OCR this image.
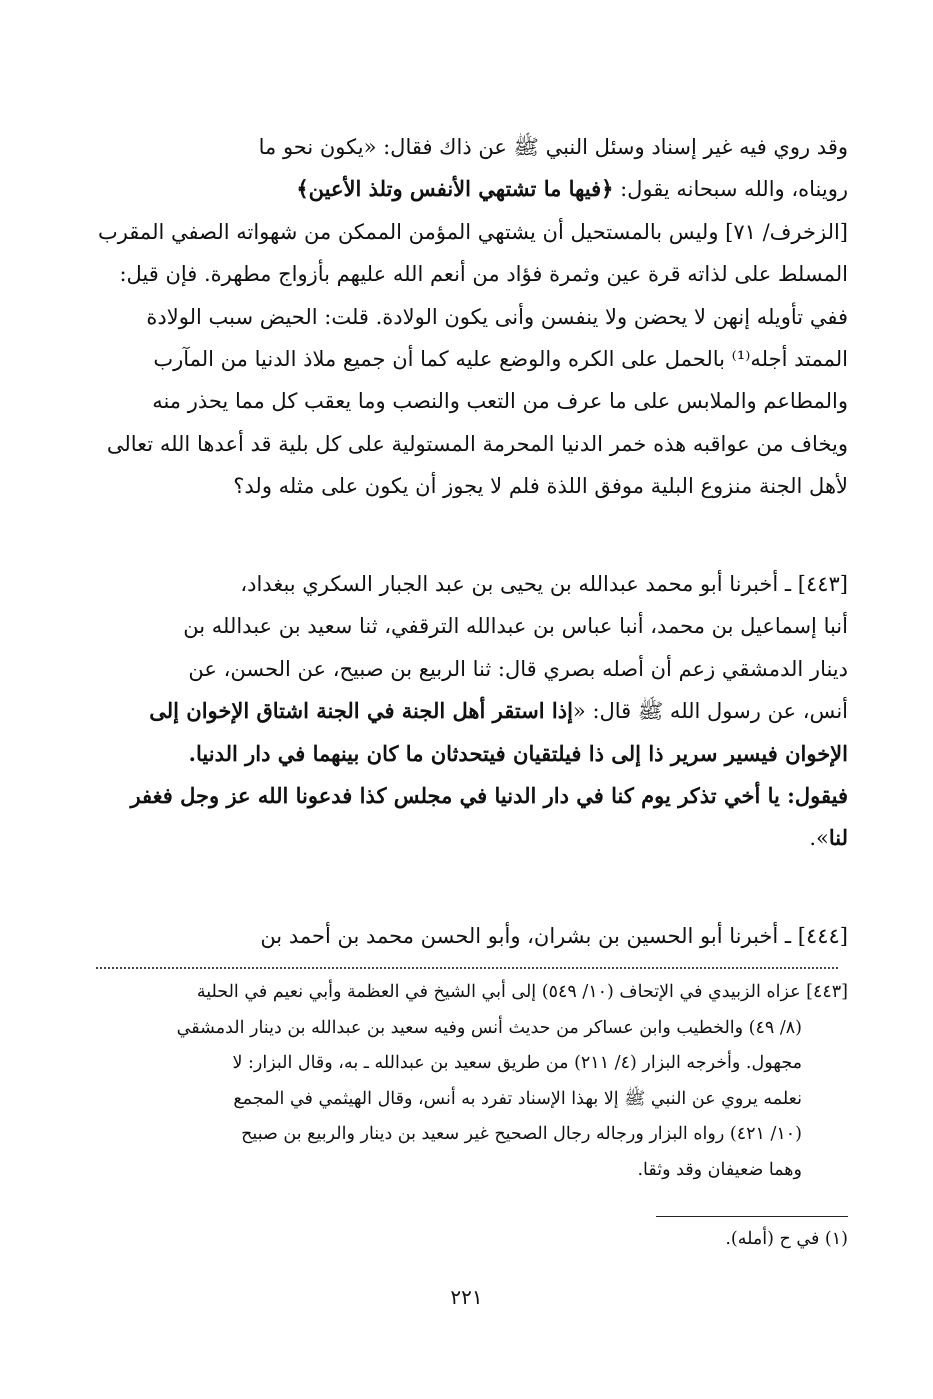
وقد روي فيه غير إسناد وسئل النبي ﷺ عن ذاك فقال: «يكون نحو ما

رويناه، والله سبحانه يقول: ﴿فيها ما تشتهي الأنفس وتلذ الأعين﴾

[الزخرف/ ٧١] وليس بالمستحيل أن يشتهي المؤمن الممكن من شهواته الصفي المقرب

المسلط على لذاته قرة عين وثمرة فؤاد من أنعم الله عليهم بأزواج مطهرة. فإن قيل:

ففي تأويله إنهن لا يحضن ولا ينفسن وأنى يكون الولادة. قلت: الحيض سبب الولادة

الممتد أجله⁽¹⁾ بالحمل على الكره والوضع عليه كما أن جميع ملاذ الدنيا من المآرب

والمطاعم والملابس على ما عرف من التعب والنصب وما يعقب كل مما يحذر منه

ويخاف من عواقبه هذه خمر الدنيا المحرمة المستولية على كل بلية قد أعدها الله تعالى

لأهل الجنة منزوع البلية موفق اللذة فلم لا يجوز أن يكون على مثله ولد؟

[٤٤٣] ـ أخبرنا أبو محمد عبدالله بن يحيى بن عبد الجبار السكري ببغداد،

أنبا إسماعيل بن محمد، أنبا عباس بن عبدالله الترقفي، ثنا سعيد بن عبدالله بن

دينار الدمشقي زعم أن أصله بصري قال: ثنا الربيع بن صبيح، عن الحسن، عن

أنس، عن رسول الله ﷺ قال: «إذا استقر أهل الجنة في الجنة اشتاق الإخوان إلى

الإخوان فيسير سرير ذا إلى ذا فيلتقيان فيتحدثان ما كان بينهما في دار الدنيا.

فيقول: يا أخي تذكر يوم كنا في دار الدنيا في مجلس كذا فدعونا الله عز وجل فغفر

لنا».

[٤٤٤] ـ أخبرنا أبو الحسين بن بشران، وأبو الحسن محمد بن أحمد بن

[٤٤٣] عزاه الزبيدي في الإتحاف (١٠/ ٥٤٩) إلى أبي الشيخ في العظمة وأبي نعيم في الحلية
(٨/ ٤٩) والخطيب وابن عساكر من حديث أنس وفيه سعيد بن عبدالله بن دينار الدمشقي
مجهول. وأخرجه البزار (٤/ ٢١١) من طريق سعيد بن عبدالله ـ به، وقال البزار: لا
نعلمه يروي عن النبي ﷺ إلا بهذا الإسناد تفرد به أنس، وقال الهيثمي في المجمع
(١٠/ ٤٢١) رواه البزار ورجاله رجال الصحيح غير سعيد بن دينار والربيع بن صبيح
وهما ضعيفان وقد وثقا.
(١) في ح (أمله).
٢٢١
